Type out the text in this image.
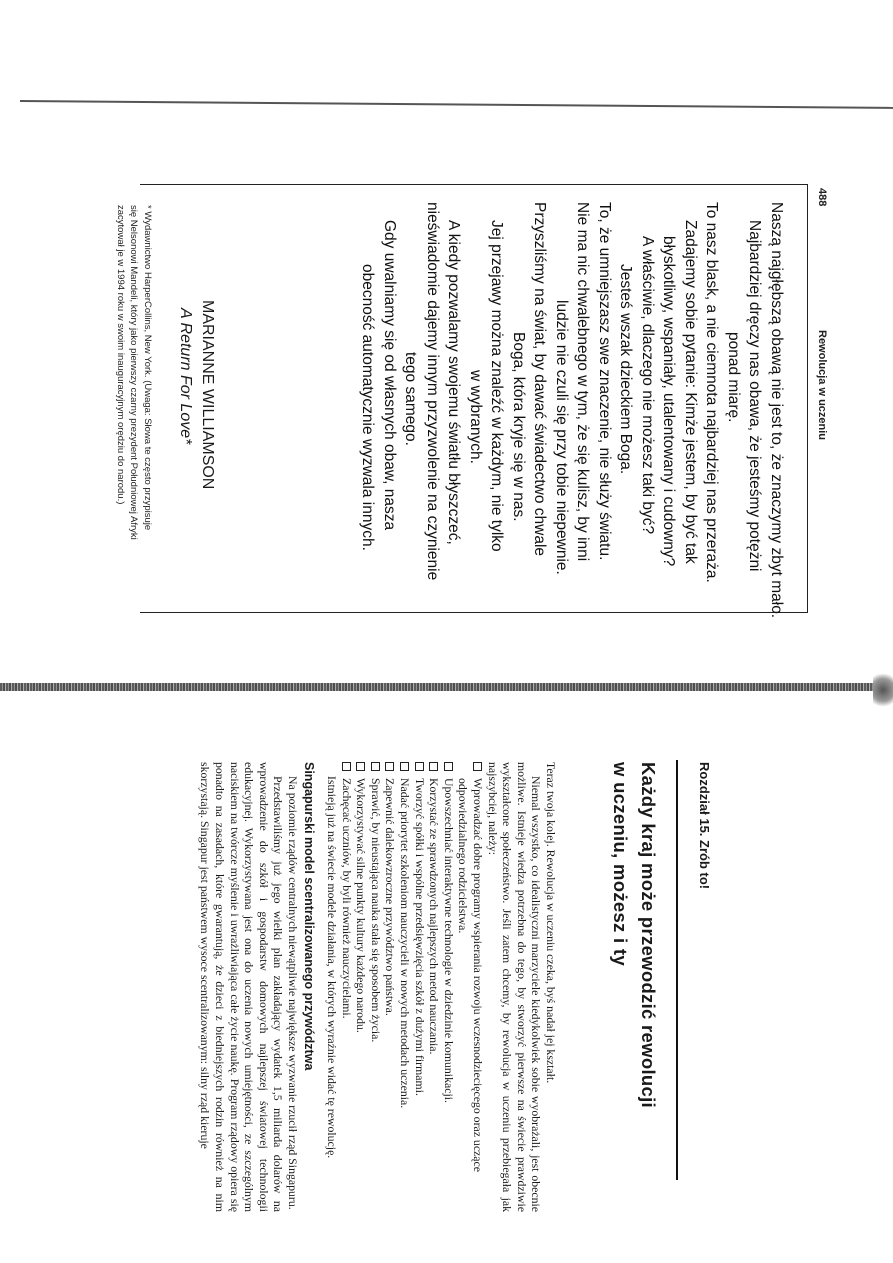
488
Rewolucja w uczeniu
Naszą najgłębszą obawą nie jest to, że znaczymy zbyt mało.
Najbardziej dręczy nas obawa, że jesteśmy potężni
ponad miarę.
To nasz blask, a nie ciemnota najbardziej nas przeraża.
Zadajemy sobie pytanie: Kimże jestem, by być tak
błyskotliwy, wspaniały, utalentowany i cudowny?
A właściwie, dlaczego nie możesz taki być?
Jesteś wszak dzieckiem Boga.
To, że umniejszasz swe znaczenie, nie służy światu.
Nie ma nic chwalebnego w tym, że się kulisz, by inni
ludzie nie czuli się przy tobie niepewnie.
Przyszliśmy na świat, by dawać świadectwo chwale
Boga, która kryje się w nas.
Jej przejawy można znaleźć w każdym, nie tylko
w wybranych.
A kiedy pozwalamy swojemu światłu błyszczeć,
nieświadomie dajemy innym przyzwolenie na czynienie
tego samego.
Gdy uwalniamy się od własnych obaw, nasza
obecność automatycznie wyzwala innych.
MARIANNE WILLIAMSON
A Return For Love*
* Wydawnictwo HarperCollins, New York. (Uwaga: Słowa te często przypisuje
się Nelsonowi Mandeli, który jako pierwszy czarny prezydent Południowej Afryki
zacytował je w 1994 roku w swoim inauguracyjnym orędziu do narodu.)
Rozdział 15. Zrób to!
Każdy kraj może przewodzić rewolucji
w uczeniu, możesz i ty

Teraz twoja kolej. Rewolucja w uczeniu czeka, byś nadał jej kształt.

Niemal wszystko, co idealistyczni marzyciele kiedykolwiek sobie wyobrażali, jest obecnie możliwe. Istnieje wiedza potrzebna do tego, by stworzyć pierwsze na świecie prawdziwie wykształcone społeczeństwo. Jeśli zatem chcemy, by rewolucja w uczeniu przebiegała jak najszybciej, należy:

Wprowadzać dobre programy wspierania rozwoju wczesnodziecięcego oraz uczące odpowiedzialnego rodzicielstwa.
Upowszechniać interaktywne technologie w dziedzinie komunikacji.
Korzystać ze sprawdzonych najlepszych metod nauczania.
Tworzyć spółki i wspólne przedsięwzięcia szkół z dużymi firmami.
Nadać priorytet szkoleniom nauczycieli w nowych metodach uczenia.
Zapewnić dalekowzroczne przywództwo państwa.
Sprawić, by nieustająca nauka stała się sposobem życia.
Wykorzystywać silne punkty kultury każdego narodu.
Zachęcać uczniów, by byli również nauczycielami.

Istnieją już na świecie modele działania, w których wyraźnie widać tę rewolucję.

Singapurski model scentralizowanego przywództwa

Na poziomie rządów centralnych niewątpliwie największe wyzwanie rzucił rząd Singapuru.

Przedstawiliśmy już jego wielki plan zakładający wydatek 1,5 miliarda dolarów na wprowadzenie do szkół i gospodarstw domowych najlepszej światowej technologii edukacyjnej. Wykorzystywana jest ona do uczenia nowych umiejętności, ze szczególnym naciskiem na twórcze myślenie i uwrażliwiająca całe życie naukę. Program rządowy opiera się ponadto na zasadach, które gwarantują, że dzieci z biedniejszych rodzin również na nim skorzystają. Singapur jest państwem wysoce scentralizowanym: silny rząd kieruje
